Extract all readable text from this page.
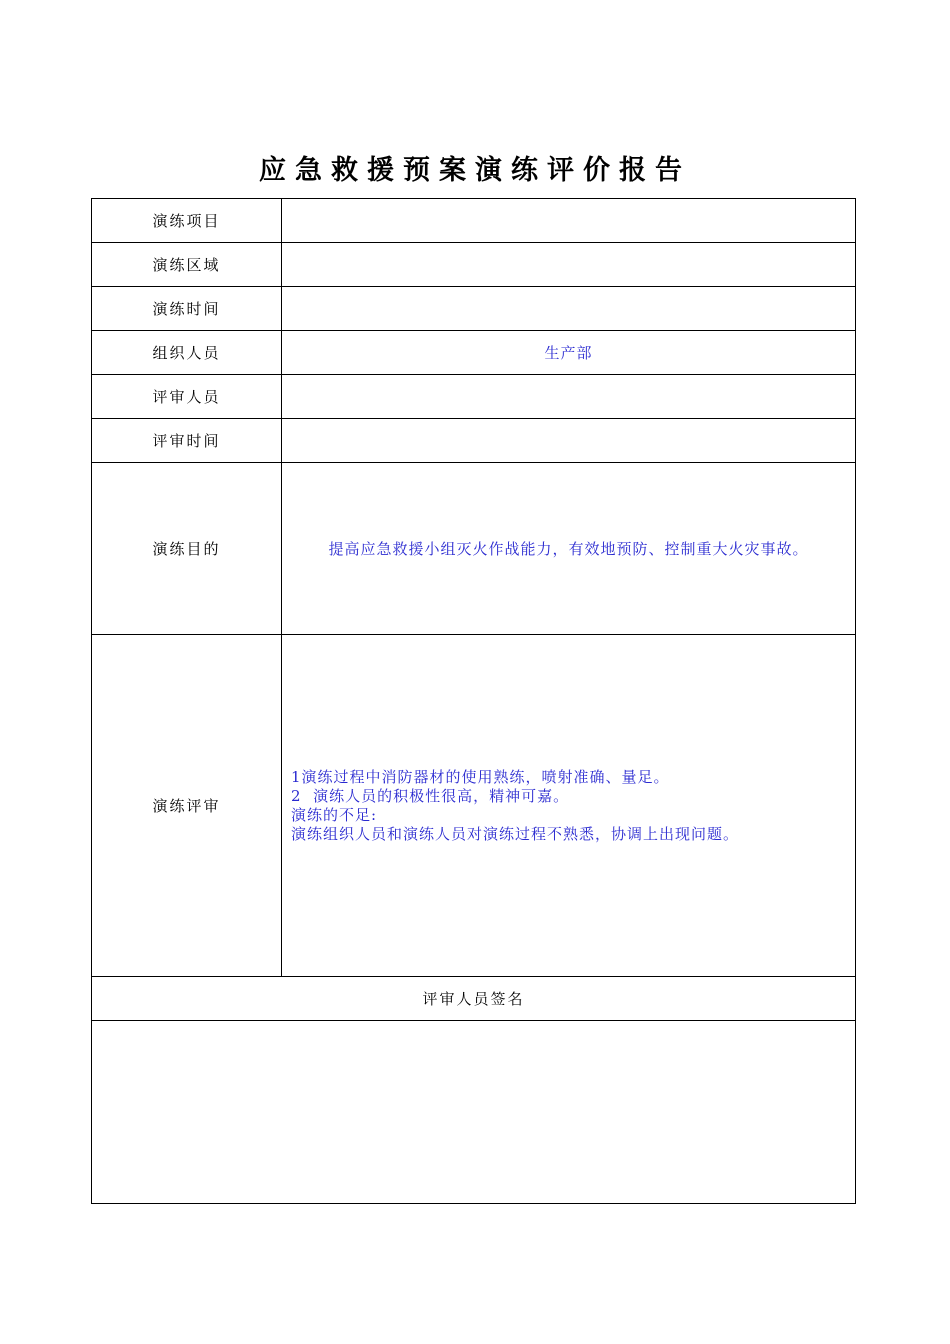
应急救援预案演练评价报告
演练项目	
演练区域	
演练时间	
组织人员	生产部
评审人员	
评审时间	
演练目的	提高应急救援小组灭火作战能力，有效地预防、控制重大火灾事故。

演练评审	1演练过程中消防器材的使用熟练，喷射准确、量足。
2  演练人员的积极性很高，精神可嘉。
演练的不足:
演练组织人员和演练人员对演练过程不熟悉，协调上出现问题。

评审人员签名	
